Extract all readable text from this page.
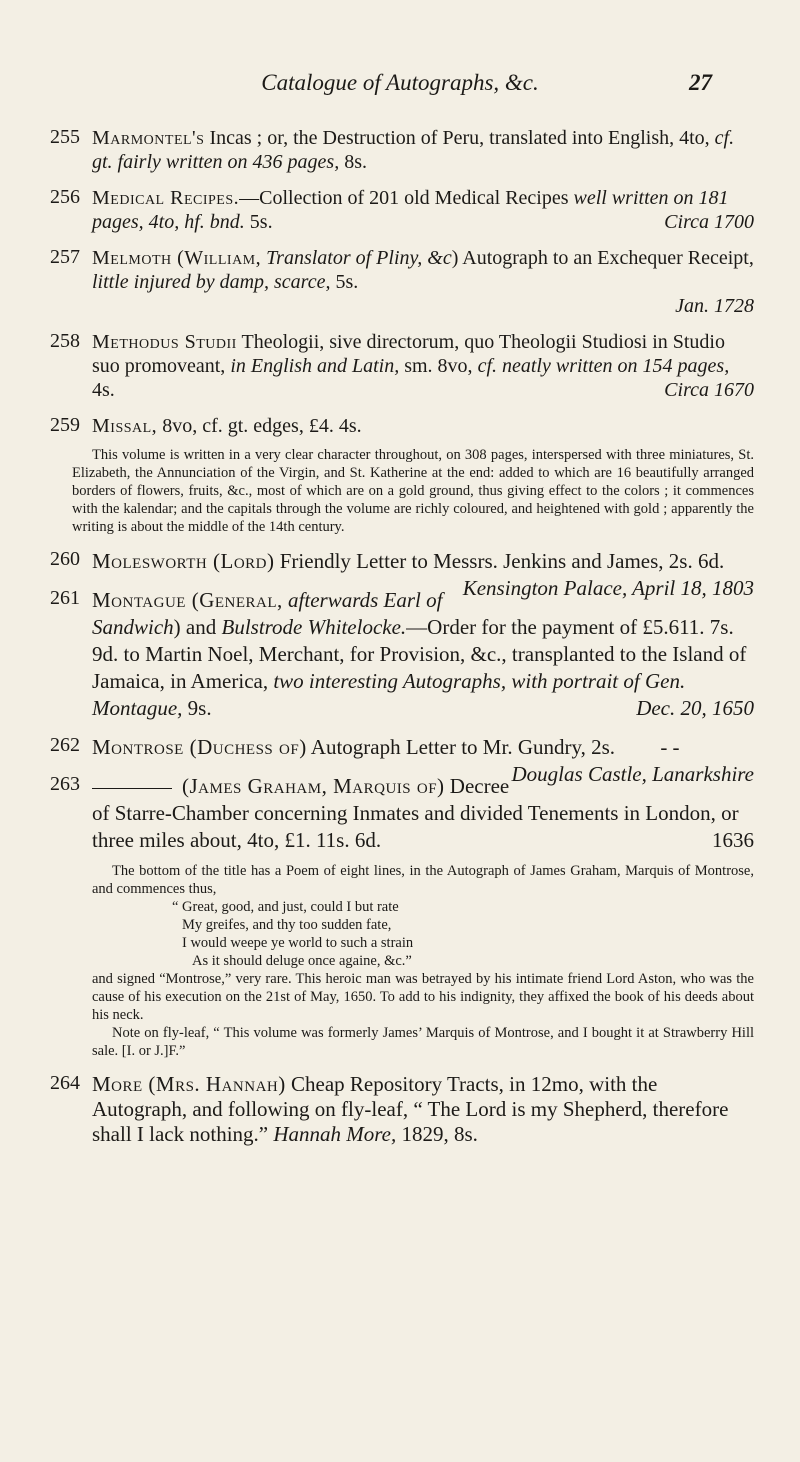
Catalogue of Autographs, &c.	27
255 Marmontel's Incas ; or, the Destruction of Peru, translated into English, 4to, cf. gt. fairly written on 436 pages, 8s.
256 Medical Recipes.—Collection of 201 old Medical Recipes well written on 181 pages, 4to, hf. bnd. 5s.	Circa 1700
257 Melmoth (William, Translator of Pliny, &c) Autograph to an Exchequer Receipt, little injured by damp, scarce, 5s.
Jan. 1728
258 Methodus Studii Theologii, sive directorum, quo Theologii Studiosi in Studio suo promoveant, in English and Latin, sm. 8vo, cf. neatly written on 154 pages, 4s.	Circa 1670
259 Missal, 8vo, cf. gt. edges, £4. 4s.
This volume is written in a very clear character throughout, on 308 pages, interspersed with three miniatures, St. Elizabeth, the Annunciation of the Virgin, and St. Katherine at the end: added to which are 16 beautifully arranged borders of flowers, fruits, &c., most of which are on a gold ground, thus giving effect to the colors ; it commences with the kalendar; and the capitals through the volume are richly coloured, and heightened with gold ; apparently the writing is about the middle of the 14th century.
260 Molesworth (Lord) Friendly Letter to Messrs. Jenkins and James, 2s. 6d.
Kensington Palace, April 18, 1803
261 Montague (General, afterwards Earl of Sandwich) and Bulstrode Whitelocke.—Order for the payment of £5.611. 7s. 9d. to Martin Noel, Merchant, for Provision, &c., transplanted to the Island of Jamaica, in America, two interesting Autographs, with portrait of Gen. Montague, 9s.	Dec. 20, 1650
262 Montrose (Duchess of) Autograph Letter to Mr. Gundry, 2s. - -
Douglas Castle, Lanarkshire
263	(James Graham, Marquis of) Decree of Starre-Chamber concerning Inmates and divided Tenements in London, or three miles about, 4to, £1. 11s. 6d.	1636
The bottom of the title has a Poem of eight lines, in the Autograph of James Graham, Marquis of Montrose, and commences thus,
“ Great, good, and just, could I but rate
My greifes, and thy too sudden fate,
I would weepe ye world to such a strain
As it should deluge once againe, &c.”
and signed “Montrose,” very rare. This heroic man was betrayed by his intimate friend Lord Aston, who was the cause of his execution on the 21st of May, 1650. To add to his indignity, they affixed the book of his deeds about his neck.
Note on fly-leaf, “ This volume was formerly James’ Marquis of Montrose, and I bought it at Strawberry Hill sale. [I. or J.]F.”
264 More (Mrs. Hannah) Cheap Repository Tracts, in 12mo, with the Autograph, and following on fly-leaf, “ The Lord is my Shepherd, therefore shall I lack nothing.” Hannah More, 1829, 8s.
